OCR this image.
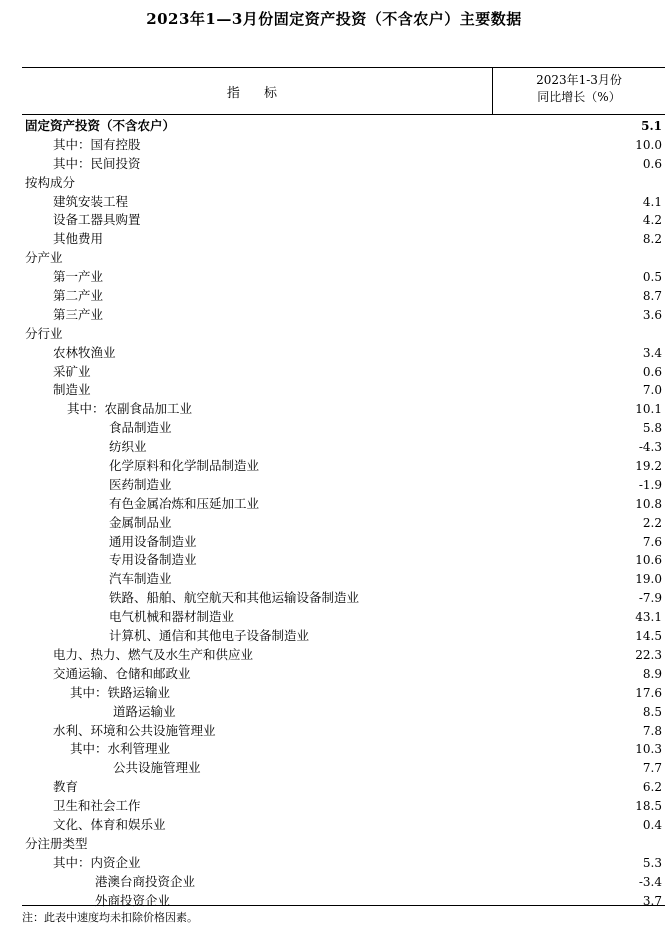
2023年1—3月份固定资产投资（不含农户）主要数据
指 标
2023年1-3月份
同比增长（%）
固定资产投资（不含农户）	5.1
其中：国有控股	10.0
其中：民间投资	0.6
按构成分
建筑安装工程	4.1
设备工器具购置	4.2
其他费用	8.2
分产业
第一产业	0.5
第二产业	8.7
第三产业	3.6
分行业
农林牧渔业	3.4
采矿业	0.6
制造业	7.0
其中：农副食品加工业	10.1
食品制造业	5.8
纺织业	-4.3
化学原料和化学制品制造业	19.2
医药制造业	-1.9
有色金属冶炼和压延加工业	10.8
金属制品业	2.2
通用设备制造业	7.6
专用设备制造业	10.6
汽车制造业	19.0
铁路、船舶、航空航天和其他运输设备制造业	-7.9
电气机械和器材制造业	43.1
计算机、通信和其他电子设备制造业	14.5
电力、热力、燃气及水生产和供应业	22.3
交通运输、仓储和邮政业	8.9
其中：铁路运输业	17.6
道路运输业	8.5
水利、环境和公共设施管理业	7.8
其中：水利管理业	10.3
公共设施管理业	7.7
教育	6.2
卫生和社会工作	18.5
文化、体育和娱乐业	0.4
分注册类型
其中：内资企业	5.3
港澳台商投资企业	-3.4
外商投资企业	3.7
注：此表中速度均未扣除价格因素。
